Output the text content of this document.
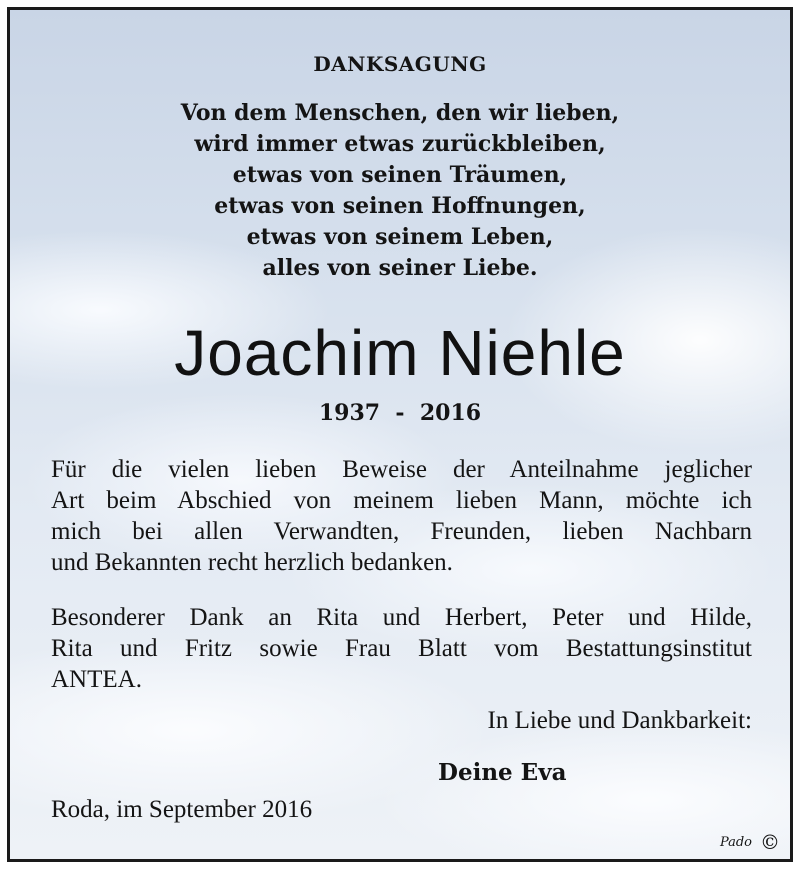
DANKSAGUNG
Von dem Menschen, den wir lieben,
wird immer etwas zurückbleiben,
etwas von seinen Träumen,
etwas von seinen Hoffnungen,
etwas von seinem Leben,
alles von seiner Liebe.
Joachim Niehle
1937  -  2016
Für die vielen lieben Beweise der Anteilnahme jeglicher
Art beim Abschied von meinem lieben Mann, möchte ich
mich bei allen Verwandten, Freunden, lieben Nachbarn
und Bekannten recht herzlich bedanken.
Besonderer Dank an Rita und Herbert, Peter und Hilde,
Rita und Fritz sowie Frau Blatt vom Bestattungsinstitut
ANTEA.
In Liebe und Dankbarkeit:
Deine Eva
Roda, im September 2016
Pado ©
